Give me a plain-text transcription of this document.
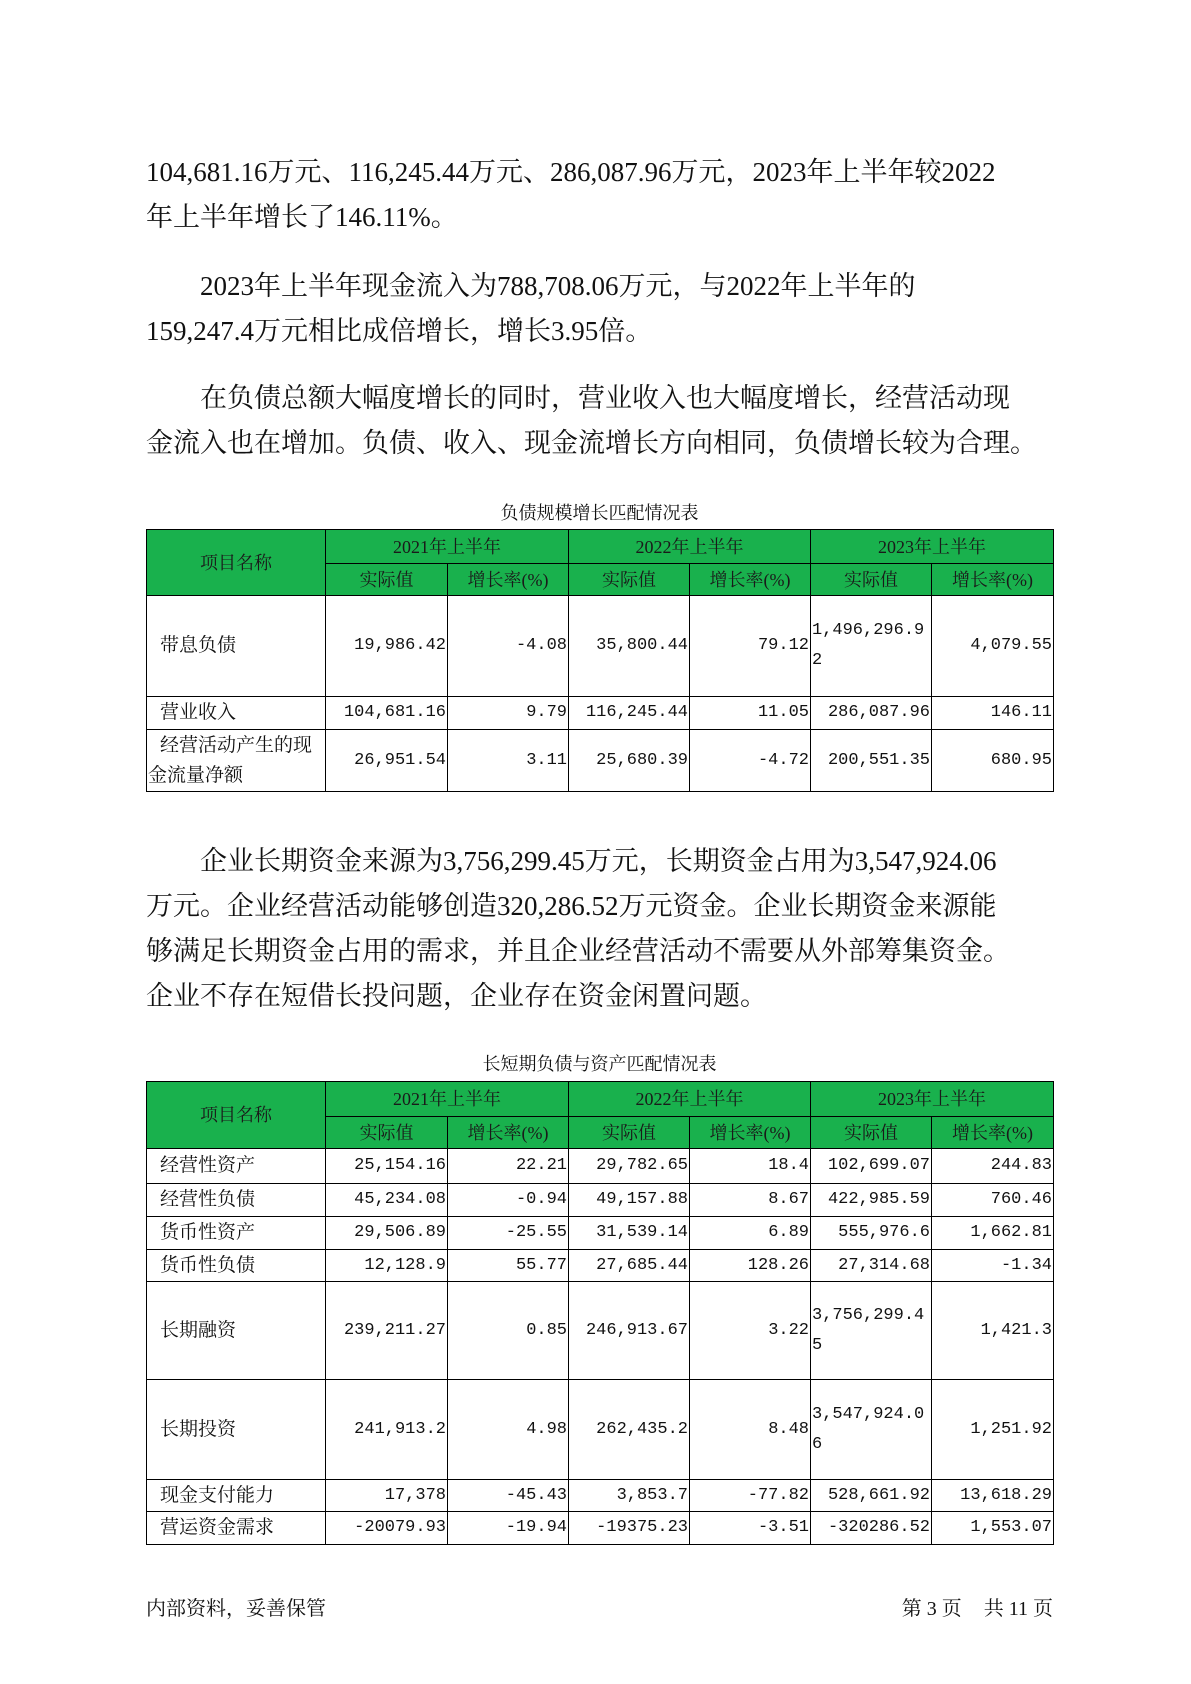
104,681.16万元、116,245.44万元、286,087.96万元，2023年上半年较2022
年上半年增长了146.11%。
2023年上半年现金流入为788,708.06万元，与2022年上半年的
159,247.4万元相比成倍增长，增长3.95倍。
在负债总额大幅度增长的同时，营业收入也大幅度增长，经营活动现
金流入也在增加。负债、收入、现金流增长方向相同，负债增长较为合理。
负债规模增长匹配情况表
项目名称	2021年上半年		2022年上半年		2023年上半年	
	实际值	增长率(%)	实际值	增长率(%)	实际值	增长率(%)
带息负债	19,986.42	-4.08	35,800.44	79.12	1,496,296.92	4,079.55
营业收入	104,681.16	9.79	116,245.44	11.05	286,087.96	146.11
经营活动产生的现金流量净额	26,951.54	3.11	25,680.39	-4.72	200,551.35	680.95
企业长期资金来源为3,756,299.45万元，长期资金占用为3,547,924.06
万元。企业经营活动能够创造320,286.52万元资金。企业长期资金来源能
够满足长期资金占用的需求，并且企业经营活动不需要从外部筹集资金。
企业不存在短借长投问题，企业存在资金闲置问题。
长短期负债与资产匹配情况表
项目名称	2021年上半年		2022年上半年		2023年上半年	
	实际值	增长率(%)	实际值	增长率(%)	实际值	增长率(%)
经营性资产	25,154.16	22.21	29,782.65	18.4	102,699.07	244.83
经营性负债	45,234.08	-0.94	49,157.88	8.67	422,985.59	760.46
货币性资产	29,506.89	-25.55	31,539.14	6.89	555,976.6	1,662.81
货币性负债	12,128.9	55.77	27,685.44	128.26	27,314.68	-1.34
长期融资	239,211.27	0.85	246,913.67	3.22	3,756,299.45	1,421.3
长期投资	241,913.2	4.98	262,435.2	8.48	3,547,924.06	1,251.92
现金支付能力	17,378	-45.43	3,853.7	-77.82	528,661.92	13,618.29
营运资金需求	-20079.93	-19.94	-19375.23	-3.51	-320286.52	1,553.07
内部资料，妥善保管	第 3 页 共 11 页
